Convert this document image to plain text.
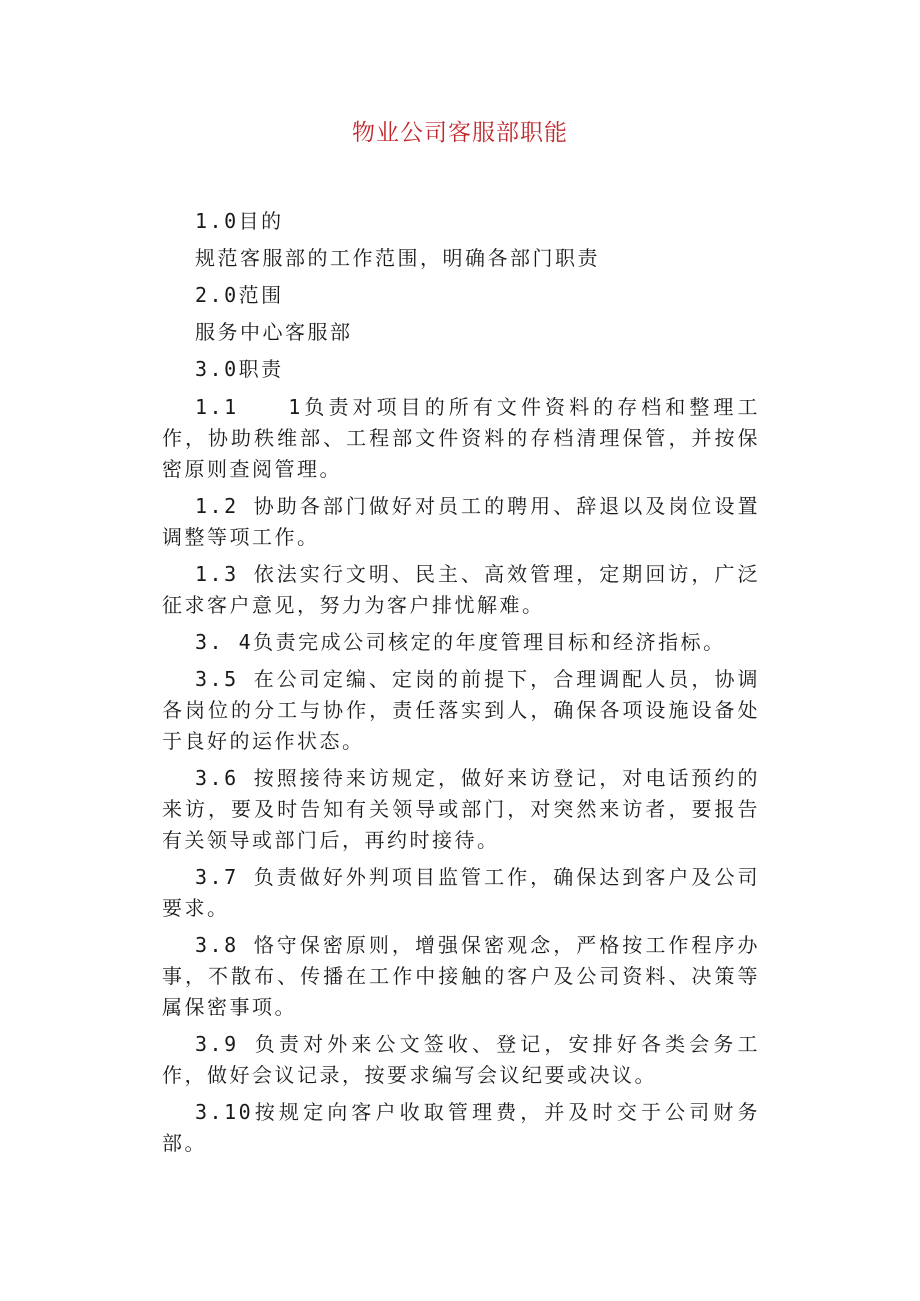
物业公司客服部职能

1.0目的

规范客服部的工作范围，明确各部门职责

2.0范围

服务中心客服部

3.0职责

1.1　　1负责对项目的所有文件资料的存档和整理工作，协助秩维部、工程部文件资料的存档清理保管，并按保密原则查阅管理。

1.2 协助各部门做好对员工的聘用、辞退以及岗位设置调整等项工作。

1.3 依法实行文明、民主、高效管理，定期回访，广泛征求客户意见，努力为客户排忧解难。

3. 4负责完成公司核定的年度管理目标和经济指标。

3.5 在公司定编、定岗的前提下，合理调配人员，协调各岗位的分工与协作，责任落实到人，确保各项设施设备处于良好的运作状态。

3.6 按照接待来访规定，做好来访登记，对电话预约的来访，要及时告知有关领导或部门，对突然来访者，要报告有关领导或部门后，再约时接待。

3.7 负责做好外判项目监管工作，确保达到客户及公司要求。

3.8 恪守保密原则，增强保密观念，严格按工作程序办事，不散布、传播在工作中接触的客户及公司资料、决策等属保密事项。

3.9 负责对外来公文签收、登记，安排好各类会务工作，做好会议记录，按要求编写会议纪要或决议。

3.10按规定向客户收取管理费，并及时交于公司财务部。
